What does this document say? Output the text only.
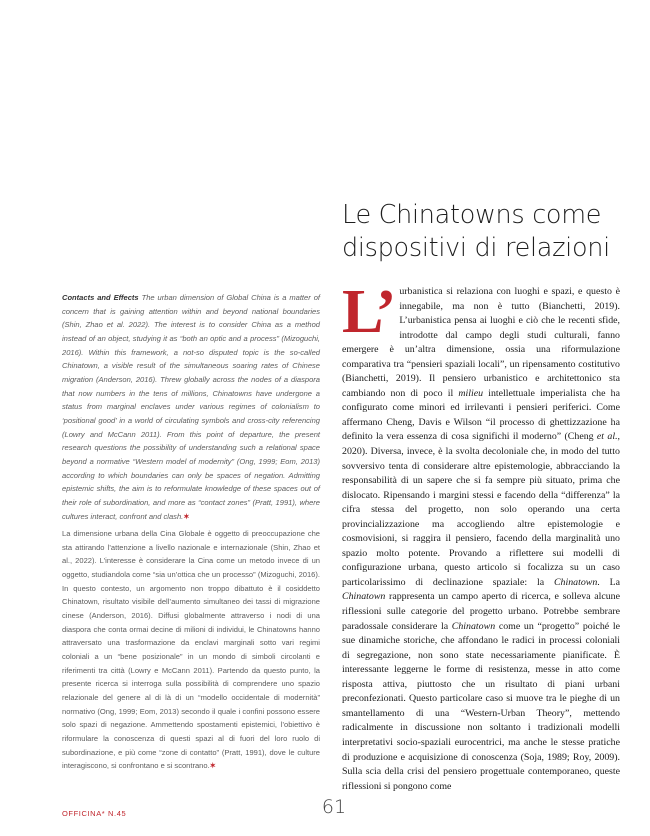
Le Chinatowns come
dispositivi di relazioni
Contacts and Effects The urban dimension of Global China is a matter of concern that is gaining attention within and beyond national boundaries (Shin, Zhao et al. 2022). The interest is to consider China as a method instead of an object, studying it as “both an optic and a process” (Mizoguchi, 2016). Within this framework, a not-so disputed topic is the so-called Chinatown, a visible result of the simultaneous soaring rates of Chinese migration (Anderson, 2016). Threw globally across the nodes of a diaspora that now numbers in the tens of millions, Chinatowns have undergone a status from marginal enclaves under various regimes of colonialism to ‘positional good’ in a world of circulating symbols and cross-city referencing (Lowry and McCann 2011). From this point of departure, the present research questions the possibility of understanding such a relational space beyond a normative “Western model of modernity” (Ong, 1999; Eom, 2013) according to which boundaries can only be spaces of negation. Admitting epistemic shifts, the aim is to reformulate knowledge of these spaces out of their role of subordination, and more as “contact zones” (Pratt, 1991), where cultures interact, confront and clash.✶
La dimensione urbana della Cina Globale è oggetto di preoccupazione che sta attirando l’attenzione a livello nazionale e internazionale (Shin, Zhao et al., 2022). L’interesse è considerare la Cina come un metodo invece di un oggetto, studiandola come “sia un’ottica che un processo” (Mizoguchi, 2016). In questo contesto, un argomento non troppo dibattuto è il cosiddetto Chinatown, risultato visibile dell’aumento simultaneo dei tassi di migrazione cinese (Anderson, 2016). Diffusi globalmente attraverso i nodi di una diaspora che conta ormai decine di milioni di individui, le Chinatowns hanno attraversato una trasformazione da enclavi marginali sotto vari regimi coloniali a un “bene posizionale” in un mondo di simboli circolanti e riferimenti tra città (Lowry e McCann 2011). Partendo da questo punto, la presente ricerca si interroga sulla possibilità di comprendere uno spazio relazionale del genere al di là di un “modello occidentale di modernità” normativo (Ong, 1999; Eom, 2013) secondo il quale i confini possono essere solo spazi di negazione. Ammettendo spostamenti epistemici, l’obiettivo è riformulare la conoscenza di questi spazi al di fuori del loro ruolo di subordinazione, e più come “zone di contatto” (Pratt, 1991), dove le culture interagiscono, si confrontano e si scontrano.✶
L’ urbanistica si relaziona con luoghi e spazi, e questo è innegabile, ma non è tutto (Bianchetti, 2019). L’urbanistica pensa ai luoghi e ciò che le recenti sfide, introdotte dal campo degli studi culturali, fanno emergere è un’altra dimensione, ossia una riformulazione comparativa tra “pensieri spaziali locali”, un ripensamento costitutivo (Bianchetti, 2019). Il pensiero urbanistico e architettonico sta cambiando non di poco il milieu intellettuale imperialista che ha configurato come minori ed irrilevanti i pensieri periferici. Come affermano Cheng, Davis e Wilson “il processo di ghettizzazione ha definito la vera essenza di cosa significhi il moderno” (Cheng et al., 2020). Diversa, invece, è la svolta decoloniale che, in modo del tutto sovversivo tenta di considerare altre epistemologie, abbracciando la responsabilità di un sapere che si fa sempre più situato, prima che dislocato. Ripensando i margini stessi e facendo della “differenza” la cifra stessa del progetto, non solo operando una certa provincializzazione ma accogliendo altre epistemologie e cosmovisioni, si raggira il pensiero, facendo della marginalità uno spazio molto potente. Provando a riflettere sui modelli di configurazione urbana, questo articolo si focalizza su un caso particolarissimo di declinazione spaziale: la Chinatown. La Chinatown rappresenta un campo aperto di ricerca, e solleva alcune riflessioni sulle categorie del progetto urbano. Potrebbe sembrare paradossale considerare la Chinatown come un “progetto” poiché le sue dinamiche storiche, che affondano le radici in processi coloniali di segregazione, non sono state necessariamente pianificate. È interessante leggerne le forme di resistenza, messe in atto come risposta attiva, piuttosto che un risultato di piani urbani preconfezionati. Questo particolare caso si muove tra le pieghe di un smantellamento di una “Western-Urban Theory”, mettendo radicalmente in discussione non soltanto i tradizionali modelli interpretativi socio-spaziali eurocentrici, ma anche le stesse pratiche di produzione e acquisizione di conoscenza (Soja, 1989; Roy, 2009). Sulla scia della crisi del pensiero progettuale contemporaneo, queste riflessioni si pongono come
OFFICINA* N.45	61
